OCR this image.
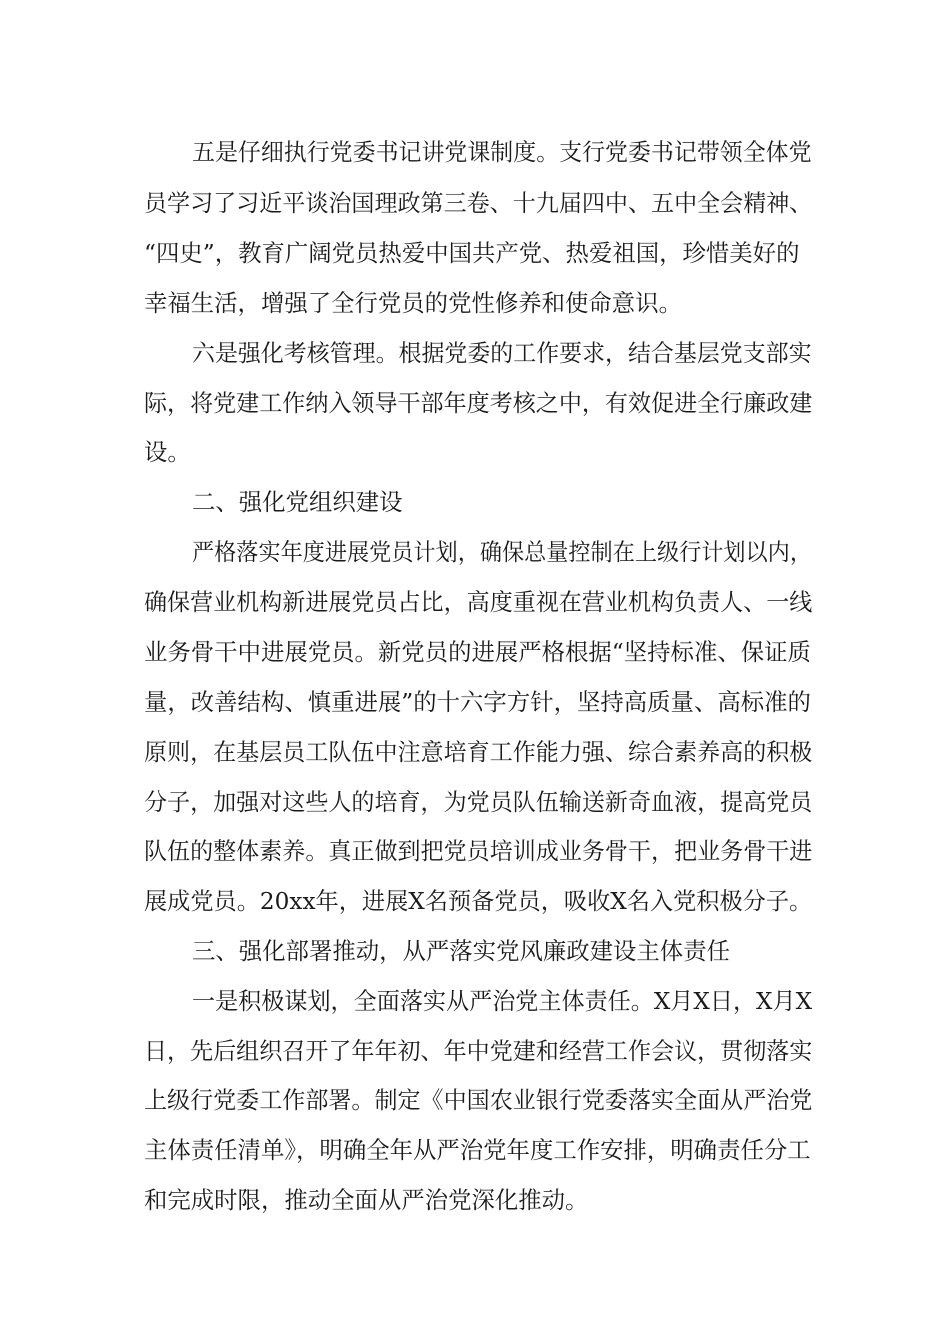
五是仔细执行党委书记讲党课制度。支行党委书记带领全体党
员学习了习近平谈治国理政第三卷、十九届四中、五中全会精神、
“四史”，教育广阔党员热爱中国共产党、热爱祖国，珍惜美好的
幸福生活，增强了全行党员的党性修养和使命意识。
六是强化考核管理。根据党委的工作要求，结合基层党支部实
际，将党建工作纳入领导干部年度考核之中，有效促进全行廉政建
设。
二、强化党组织建设
严格落实年度进展党员计划，确保总量控制在上级行计划以内，
确保营业机构新进展党员占比，高度重视在营业机构负责人、一线
业务骨干中进展党员。新党员的进展严格根据“坚持标准、保证质
量，改善结构、慎重进展”的十六字方针，坚持高质量、高标准的
原则，在基层员工队伍中注意培育工作能力强、综合素养高的积极
分子，加强对这些人的培育，为党员队伍输送新奇血液，提高党员
队伍的整体素养。真正做到把党员培训成业务骨干，把业务骨干进
展成党员。20xx年，进展X名预备党员，吸收X名入党积极分子。
三、强化部署推动，从严落实党风廉政建设主体责任
一是积极谋划，全面落实从严治党主体责任。X月X日，X月X
日，先后组织召开了年年初、年中党建和经营工作会议，贯彻落实
上级行党委工作部署。制定《中国农业银行党委落实全面从严治党
主体责任清单》，明确全年从严治党年度工作安排，明确责任分工
和完成时限，推动全面从严治党深化推动。
